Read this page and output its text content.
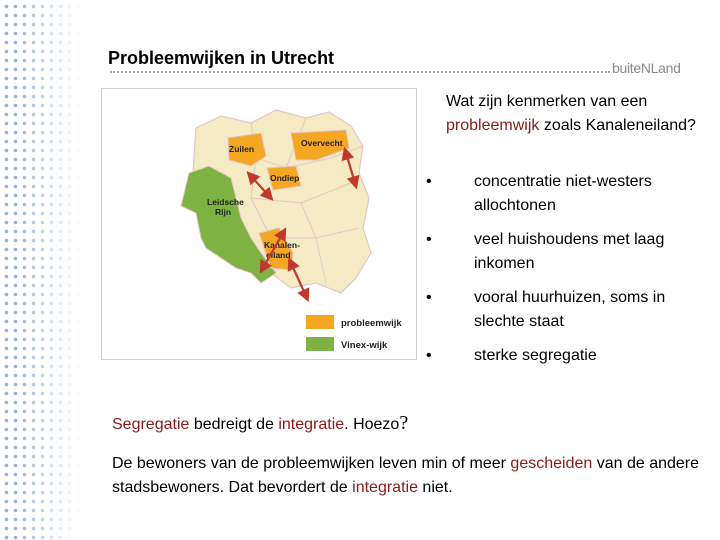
Probleemwijken in Utrecht	buiteNLand
Zuilen
Overvecht
Ondiep
Leidsche
Rijn
Kanalen-
eiland
probleemwijk
Vinex-wijk
Wat zijn kenmerken van een probleemwijk zoals Kanaleneiland?
•	concentratie niet-westers allochtonen
•	veel huishoudens met laag inkomen
•	vooral huurhuizen, soms in slechte staat
•	sterke segregatie
Segregatie bedreigt de integratie. Hoezo?
De bewoners van de probleemwijken leven min of meer gescheiden van de andere stadsbewoners. Dat bevordert de integratie niet.
